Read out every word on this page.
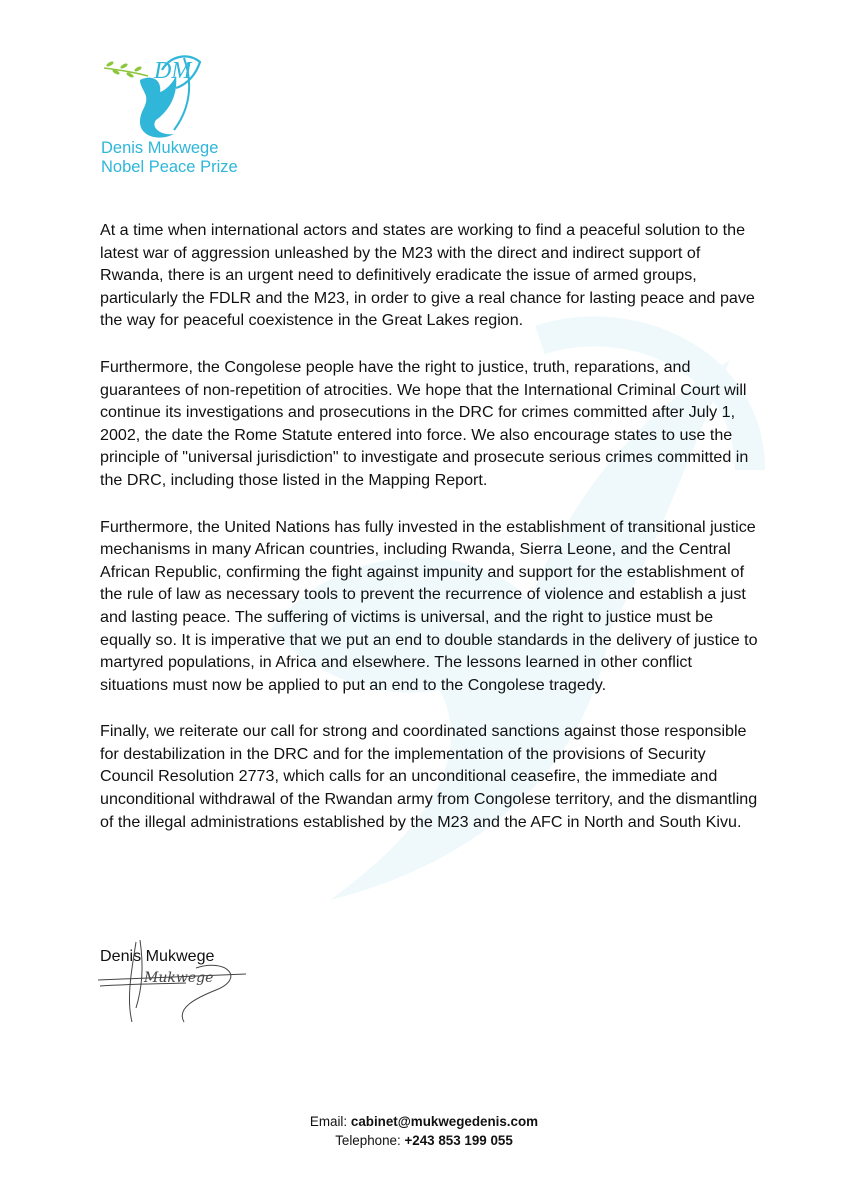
DM
Denis Mukwege
Nobel Peace Prize

At a time when international actors and states are working to find a peaceful solution to the latest war of aggression unleashed by the M23 with the direct and indirect support of Rwanda, there is an urgent need to definitively eradicate the issue of armed groups, particularly the FDLR and the M23, in order to give a real chance for lasting peace and pave the way for peaceful coexistence in the Great Lakes region.

Furthermore, the Congolese people have the right to justice, truth, reparations, and guarantees of non-repetition of atrocities. We hope that the International Criminal Court will continue its investigations and prosecutions in the DRC for crimes committed after July 1, 2002, the date the Rome Statute entered into force. We also encourage states to use the principle of "universal jurisdiction" to investigate and prosecute serious crimes committed in the DRC, including those listed in the Mapping Report.

Furthermore, the United Nations has fully invested in the establishment of transitional justice mechanisms in many African countries, including Rwanda, Sierra Leone, and the Central African Republic, confirming the fight against impunity and support for the establishment of the rule of law as necessary tools to prevent the recurrence of violence and establish a just and lasting peace. The suffering of victims is universal, and the right to justice must be equally so. It is imperative that we put an end to double standards in the delivery of justice to martyred populations, in Africa and elsewhere. The lessons learned in other conflict situations must now be applied to put an end to the Congolese tragedy.

Finally, we reiterate our call for strong and coordinated sanctions against those responsible for destabilization in the DRC and for the implementation of the provisions of Security Council Resolution 2773, which calls for an unconditional ceasefire, the immediate and unconditional withdrawal of the Rwandan army from Congolese territory, and the dismantling of the illegal administrations established by the M23 and the AFC in North and South Kivu.

Denis Mukwege
Mukwege
Email: cabinet@mukwegedenis.com
Telephone: +243 853 199 055
